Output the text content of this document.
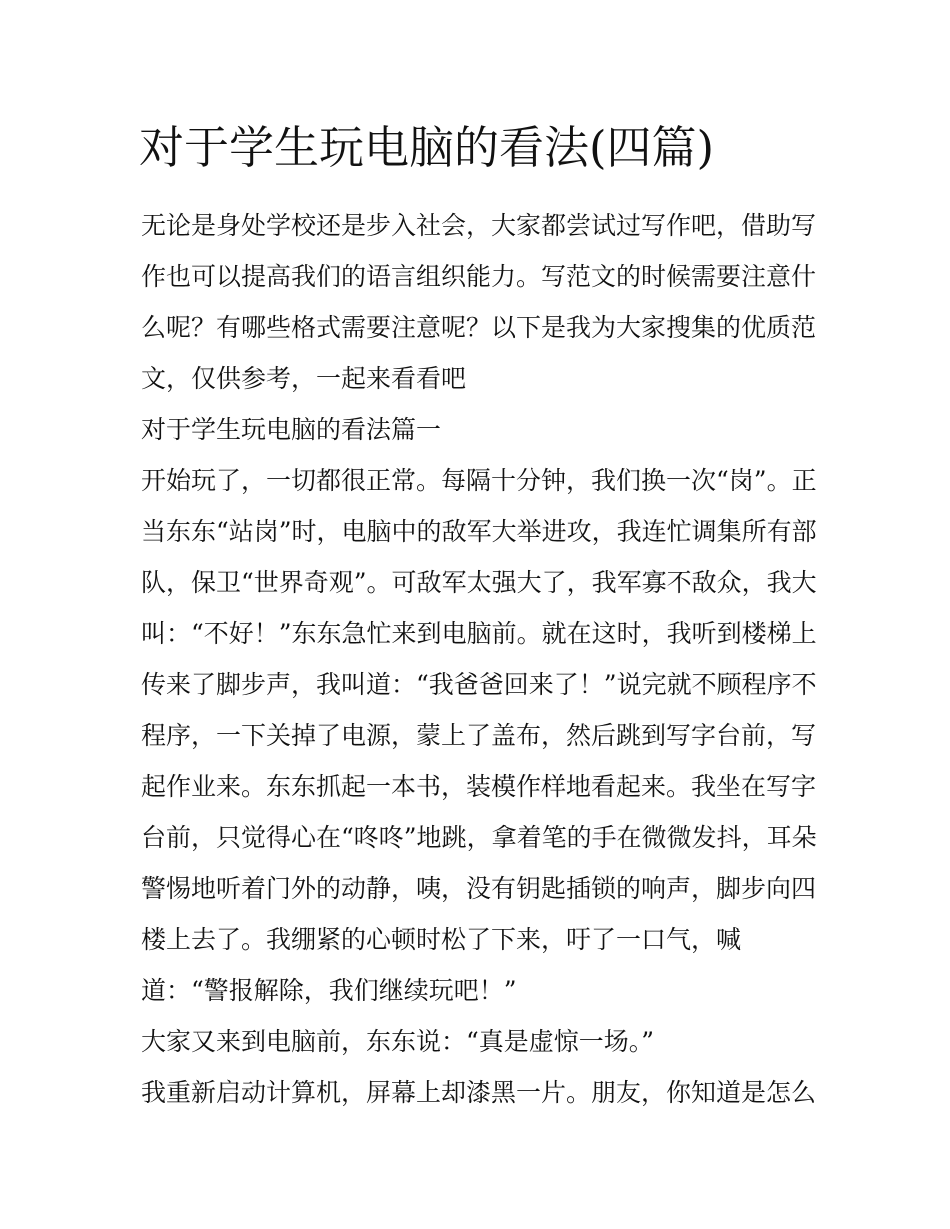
对于学生玩电脑的看法(四篇)
无论是身处学校还是步入社会，大家都尝试过写作吧，借助写
作也可以提高我们的语言组织能力。写范文的时候需要注意什
么呢？有哪些格式需要注意呢？以下是我为大家搜集的优质范
文，仅供参考，一起来看看吧
对于学生玩电脑的看法篇一
开始玩了，一切都很正常。每隔十分钟，我们换一次“岗”。正
当东东“站岗”时，电脑中的敌军大举进攻，我连忙调集所有部
队，保卫“世界奇观”。可敌军太强大了，我军寡不敌众，我大
叫：“不好！”东东急忙来到电脑前。就在这时，我听到楼梯上
传来了脚步声，我叫道：“我爸爸回来了！”说完就不顾程序不
程序，一下关掉了电源，蒙上了盖布，然后跳到写字台前，写
起作业来。东东抓起一本书，装模作样地看起来。我坐在写字
台前，只觉得心在“咚咚”地跳，拿着笔的手在微微发抖，耳朵
警惕地听着门外的动静，咦，没有钥匙插锁的响声，脚步向四
楼上去了。我绷紧的心顿时松了下来，吁了一口气，喊
道：“警报解除，我们继续玩吧！”
大家又来到电脑前，东东说：“真是虚惊一场。”
我重新启动计算机，屏幕上却漆黑一片。朋友，你知道是怎么
